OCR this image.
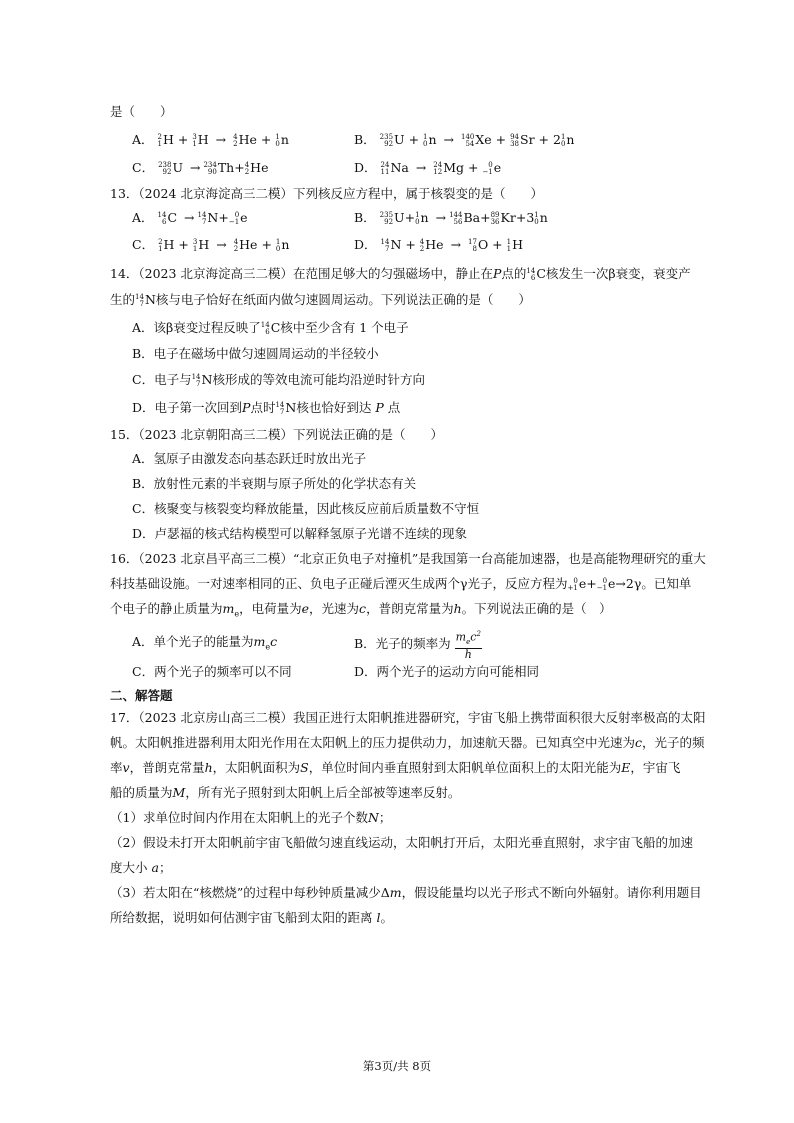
是（　　）
A． 2
1 H + 3
1 H → 4
2 He + 1
0 n	B． 235
92 U + 1
0 n → 140
54 Xe + 94
38 Sr + 2 1
0 n
C． 238
92 U → 234
90 Th+ 4
2 He	D． 24
11 Na → 24
12 Mg + 0
−1 e
13．（2024 北京海淀高三二模）下列核反应方程中，属于核裂变的是（　　）
A． 14
6 C → 14
7 N+ 0
−1 e	B． 235
92 U+ 1
0 n → 144
56 Ba+ 89
36 Kr+3 1
0 n
C． 2
1 H + 3
1 H → 4
2 He + 1
0 n	D． 14
7 N + 4
2 He → 17
8 O + 1
1 H
14．（2023 北京海淀高三二模）在范围足够大的匀强磁场中，静止在P点的 14
6 C核发生一次β衰变，衰变产
生的 14
7 N核与电子恰好在纸面内做匀速圆周运动。下列说法正确的是（　　）
A．该β衰变过程反映了 14
6 C核中至少含有 1 个电子
B．电子在磁场中做匀速圆周运动的半径较小
C．电子与 14
7 N核形成的等效电流可能均沿逆时针方向
D．电子第一次回到P点时 14
7 N核也恰好到达 P 点
15．（2023 北京朝阳高三二模）下列说法正确的是（　　）
A．氢原子由激发态向基态跃迁时放出光子
B．放射性元素的半衰期与原子所处的化学状态有关
C．核聚变与核裂变均释放能量，因此核反应前后质量数不守恒
D．卢瑟福的核式结构模型可以解释氢原子光谱不连续的现象
16．（2023 北京昌平高三二模）“北京正负电子对撞机”是我国第一台高能加速器，也是高能物理研究的重大
科技基础设施。一对速率相同的正、负电子正碰后湮灭生成两个γ光子，反应方程为 0
+1 e+ 0
−1 e→2γ。已知单
个电子的静止质量为$m_e$，电荷量为e，光速为c，普朗克常量为h。下列说法正确的是（　）
A．单个光子的能量为$m_ec$	B．光子的频率为 $\frac{m_ec^2}{h}$
C．两个光子的频率可以不同	D．两个光子的运动方向可能相同
二、解答题
17．（2023 北京房山高三二模）我国正进行太阳帆推进器研究，宇宙飞船上携带面积很大反射率极高的太阳
帆。太阳帆推进器利用太阳光作用在太阳帆上的压力提供动力，加速航天器。已知真空中光速为c，光子的频
率v，普朗克常量h，太阳帆面积为S，单位时间内垂直照射到太阳帆单位面积上的太阳光能为E，宇宙飞
船的质量为M，所有光子照射到太阳帆上后全部被等速率反射。
（1）求单位时间内作用在太阳帆上的光子个数N；
（2）假设未打开太阳帆前宇宙飞船做匀速直线运动，太阳帆打开后，太阳光垂直照射，求宇宙飞船的加速
度大小 a；
（3）若太阳在“核燃烧”的过程中每秒钟质量减少Δm，假设能量均以光子形式不断向外辐射。请你利用题目
所给数据，说明如何估测宇宙飞船到太阳的距离 l。
第3页/共 8页
